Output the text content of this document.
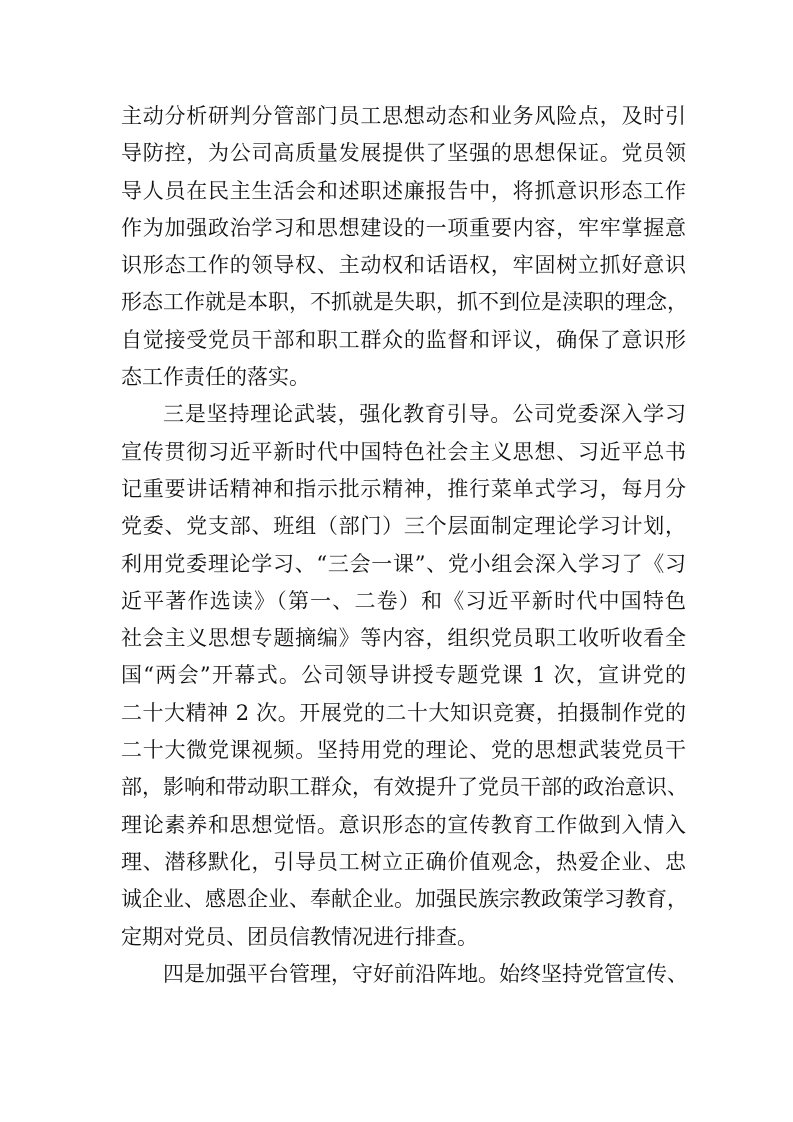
主动分析研判分管部门员工思想动态和业务风险点，及时引
导防控，为公司高质量发展提供了坚强的思想保证。党员领
导人员在民主生活会和述职述廉报告中，将抓意识形态工作
作为加强政治学习和思想建设的一项重要内容，牢牢掌握意
识形态工作的领导权、主动权和话语权，牢固树立抓好意识
形态工作就是本职，不抓就是失职，抓不到位是渎职的理念，
自觉接受党员干部和职工群众的监督和评议，确保了意识形
态工作责任的落实。
三是坚持理论武装，强化教育引导。公司党委深入学习
宣传贯彻习近平新时代中国特色社会主义思想、习近平总书
记重要讲话精神和指示批示精神，推行菜单式学习，每月分
党委、党支部、班组（部门）三个层面制定理论学习计划，
利用党委理论学习、“三会一课”、党小组会深入学习了《习
近平著作选读》（第一、二卷）和《习近平新时代中国特色
社会主义思想专题摘编》等内容，组织党员职工收听收看全
国“两会”开幕式。公司领导讲授专题党课 1 次，宣讲党的
二十大精神 2 次。开展党的二十大知识竞赛，拍摄制作党的
二十大微党课视频。坚持用党的理论、党的思想武装党员干
部，影响和带动职工群众，有效提升了党员干部的政治意识、
理论素养和思想觉悟。意识形态的宣传教育工作做到入情入
理、潜移默化，引导员工树立正确价值观念，热爱企业、忠
诚企业、感恩企业、奉献企业。加强民族宗教政策学习教育，
定期对党员、团员信教情况进行排查。
四是加强平台管理，守好前沿阵地。始终坚持党管宣传、
